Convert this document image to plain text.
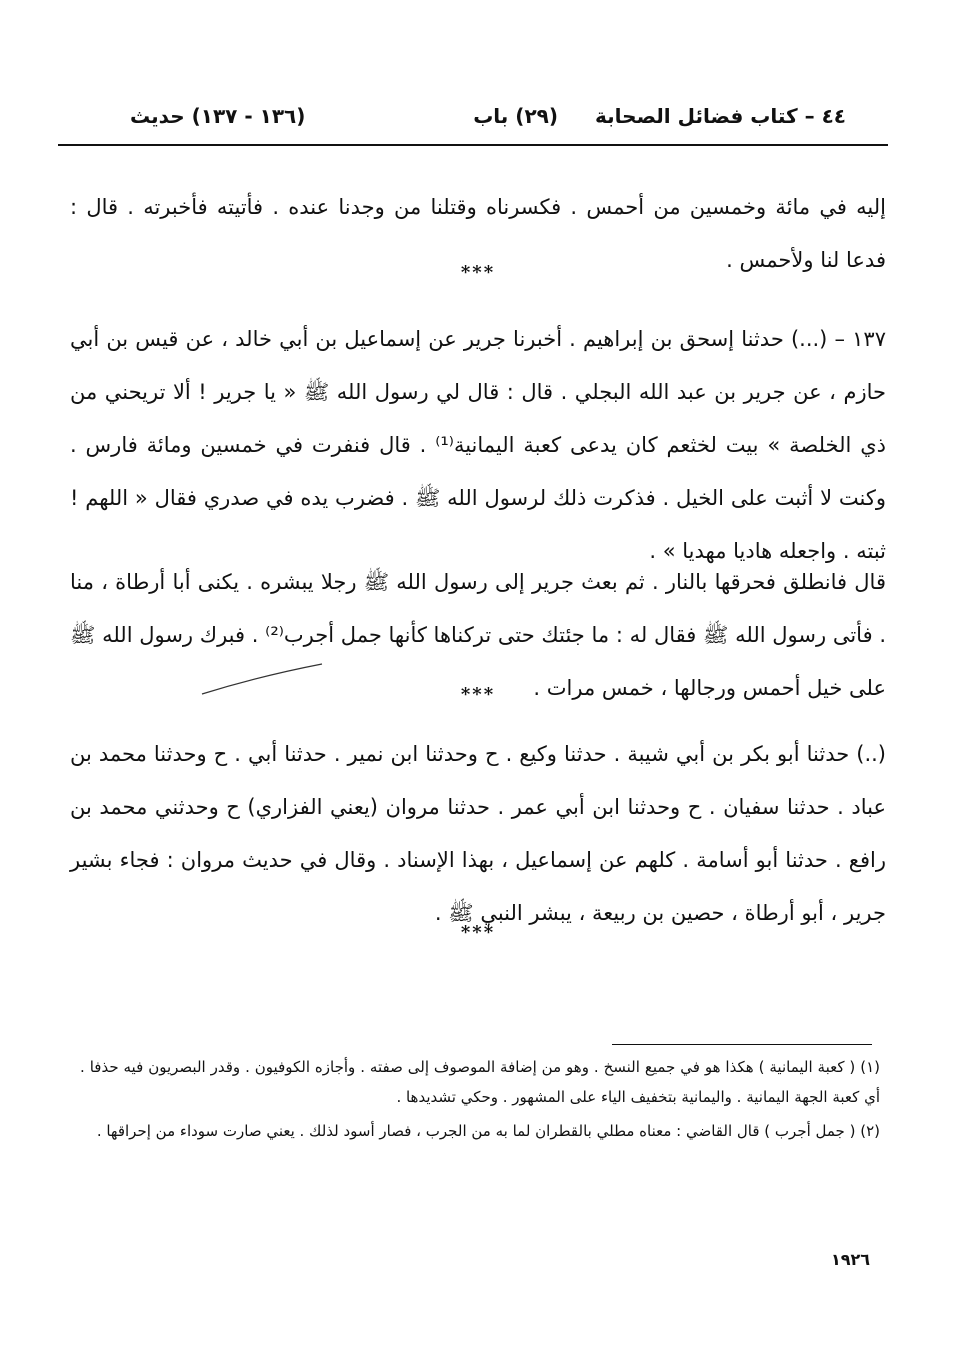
٤٤ – كتاب فضائل الصحابة
(٢٩) باب
(١٣٦ - ١٣٧) حديث

إليه في مائة وخمسين من أحمس . فكسرناه وقتلنا من وجدنا عنده . فأتيته فأخبرته . قال : فدعا لنا ولأحمس .

***

١٣٧ – (...) حدثنا إسحق بن إبراهيم . أخبرنا جرير عن إسماعيل بن أبي خالد ، عن قيس بن أبي حازم ، عن جرير بن عبد الله البجلي . قال : قال لي رسول الله ﷺ « يا جرير ! ألا تريحني من ذي الخلصة » بيت لخثعم كان يدعى كعبة اليمانية⁽¹⁾ . قال فنفرت في خمسين ومائة فارس . وكنت لا أثبت على الخيل . فذكرت ذلك لرسول الله ﷺ . فضرب يده في صدري فقال « اللهم ! ثبته . واجعله هاديا مهديا » .

قال فانطلق فحرقها بالنار . ثم بعث جرير إلى رسول الله ﷺ رجلا يبشره . يكنى أبا أرطاة ، منا . فأتى رسول الله ﷺ فقال له : ما جئتك حتى تركناها كأنها جمل أجرب⁽²⁾ . فبرك رسول الله ﷺ على خيل أحمس ورجالها ، خمس مرات .

***

(..) حدثنا أبو بكر بن أبي شيبة . حدثنا وكيع . ح وحدثنا ابن نمير . حدثنا أبي . ح وحدثنا محمد بن عباد . حدثنا سفيان . ح وحدثنا ابن أبي عمر . حدثنا مروان (يعني الفزاري) ح وحدثني محمد بن رافع . حدثنا أبو أسامة . كلهم عن إسماعيل ، بهذا الإسناد . وقال في حديث مروان : فجاء بشير جرير ، أبو أرطاة ، حصين بن ربيعة ، يبشر النبي ﷺ .

***

(١) ( كعبة اليمانية ) هكذا هو في جميع النسخ . وهو من إضافة الموصوف إلى صفته . وأجازه الكوفيون . وقدر البصريون فيه حذفا . أي كعبة الجهة اليمانية . واليمانية بتخفيف الياء على المشهور . وحكي تشديدها .

(٢) ( جمل أجرب ) قال القاضي : معناه مطلي بالقطران لما به من الجرب ، فصار أسود لذلك . يعني صارت سوداء من إحراقها .

١٩٢٦
